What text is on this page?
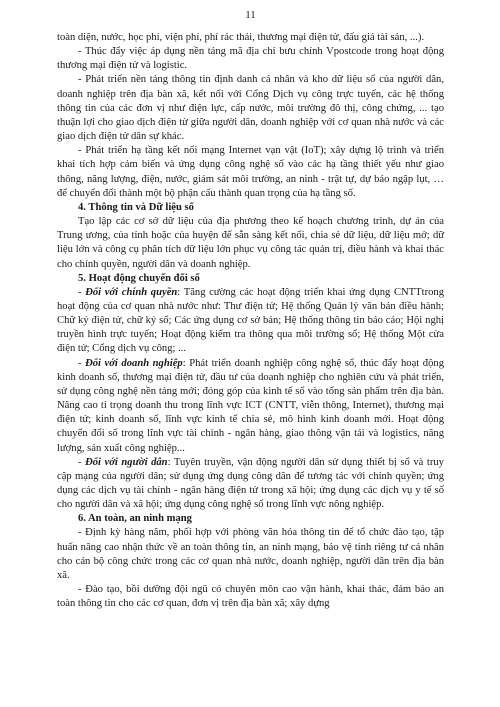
11

toàn diện, nước, học phí, viện phí, phí rác thải, thương mại điện tử, đấu giá tài sản, ...).

- Thúc đẩy việc áp dụng nền tảng mã địa chỉ bưu chính Vpostcode trong hoạt động thương mại điện tử và logistic.

- Phát triển nền tảng thông tin định danh cá nhân và kho dữ liệu số của người dân, doanh nghiệp trên địa bàn xã, kết nối với Cổng Dịch vụ công trực tuyến, các hệ thống thông tin của các đơn vị như điện lực, cấp nước, môi trường đô thị, công chứng, ... tạo thuận lợi cho giao dịch điện tử giữa người dân, doanh nghiệp với cơ quan nhà nước và các giao dịch điện tử dân sự khác.

- Phát triển hạ tầng kết nối mạng Internet vạn vật (IoT); xây dựng lộ trình và triển khai tích hợp cảm biến và ứng dụng công nghệ số vào các hạ tầng thiết yếu như giao thông, năng lượng, điện, nước, giám sát môi trường, an ninh - trật tự, dự báo ngập lụt, … để chuyển đổi thành một bộ phận cấu thành quan trọng của hạ tầng số.

4. Thông tin và Dữ liệu số

Tạo lập các cơ sở dữ liệu của địa phương theo kế hoạch chương trình, dự án của Trung ương, của tỉnh hoặc của huyện để sẵn sàng kết nối, chia sẻ dữ liệu, dữ liệu mở; dữ liệu lớn và công cụ phân tích dữ liệu lớn phục vụ công tác quản trị, điều hành và khai thác cho chính quyền, người dân và doanh nghiệp.

5. Hoạt động chuyển đổi số

- Đối với chính quyền: Tăng cường các hoạt động triển khai ứng dụng CNTTtrong hoạt động của cơ quan nhà nước như: Thư điện tử; Hệ thống Quản lý văn bản điều hành; Chữ ký điện tử, chữ ký số; Các ứng dụng cơ sở bản; Hệ thống thông tin báo cáo; Hội nghị truyền hình trực tuyến; Hoạt động kiểm tra thông qua môi trường số; Hệ thống Một cửa điện tử; Cổng dịch vụ công; ...

- Đối với doanh nghiệp: Phát triển doanh nghiệp công nghệ số, thúc đẩy hoạt động kinh doanh số, thương mại điện tử, đầu tư của doanh nghiệp cho nghiên cứu và phát triển, sử dụng công nghệ nền tảng mới; đóng góp của kinh tế số vào tổng sản phẩm trên địa bàn. Nâng cao tỉ trọng doanh thu trong lĩnh vực ICT (CNTT, viễn thông, Internet), thương mại điện tử; kinh doanh số, lĩnh vực kinh tế chia sẻ, mô hình kinh doanh mới. Hoạt động chuyển đổi số trong lĩnh vực tài chính - ngân hàng, giao thông vận tải và logistics, năng lượng, sản xuất công nghiệp...

- Đối với người dân: Tuyên truyền, vận động người dân sử dụng thiết bị số và truy cập mạng của người dân; sử dụng ứng dụng công dân để tương tác với chính quyền; ứng dụng các dịch vụ tài chính - ngân hàng điện tử trong xã hội; ứng dụng các dịch vụ y tế số cho người dân và xã hội; ứng dụng công nghệ số trong lĩnh vực nông nghiệp.

6. An toàn, an ninh mạng

- Định kỳ hàng năm, phối hợp với phòng văn hóa thông tin để tổ chức đào tạo, tập huấn nâng cao nhận thức về an toàn thông tin, an ninh mạng, bảo vệ tính riêng tư cá nhân cho cán bộ công chức trong các cơ quan nhà nước, doanh nghiệp, người dân trên địa bàn xã.

- Đào tạo, bồi dưỡng đội ngũ có chuyên môn cao vận hành, khai thác, đảm bảo an toàn thông tin cho các cơ quan, đơn vị trên địa bàn xã; xây dựng
